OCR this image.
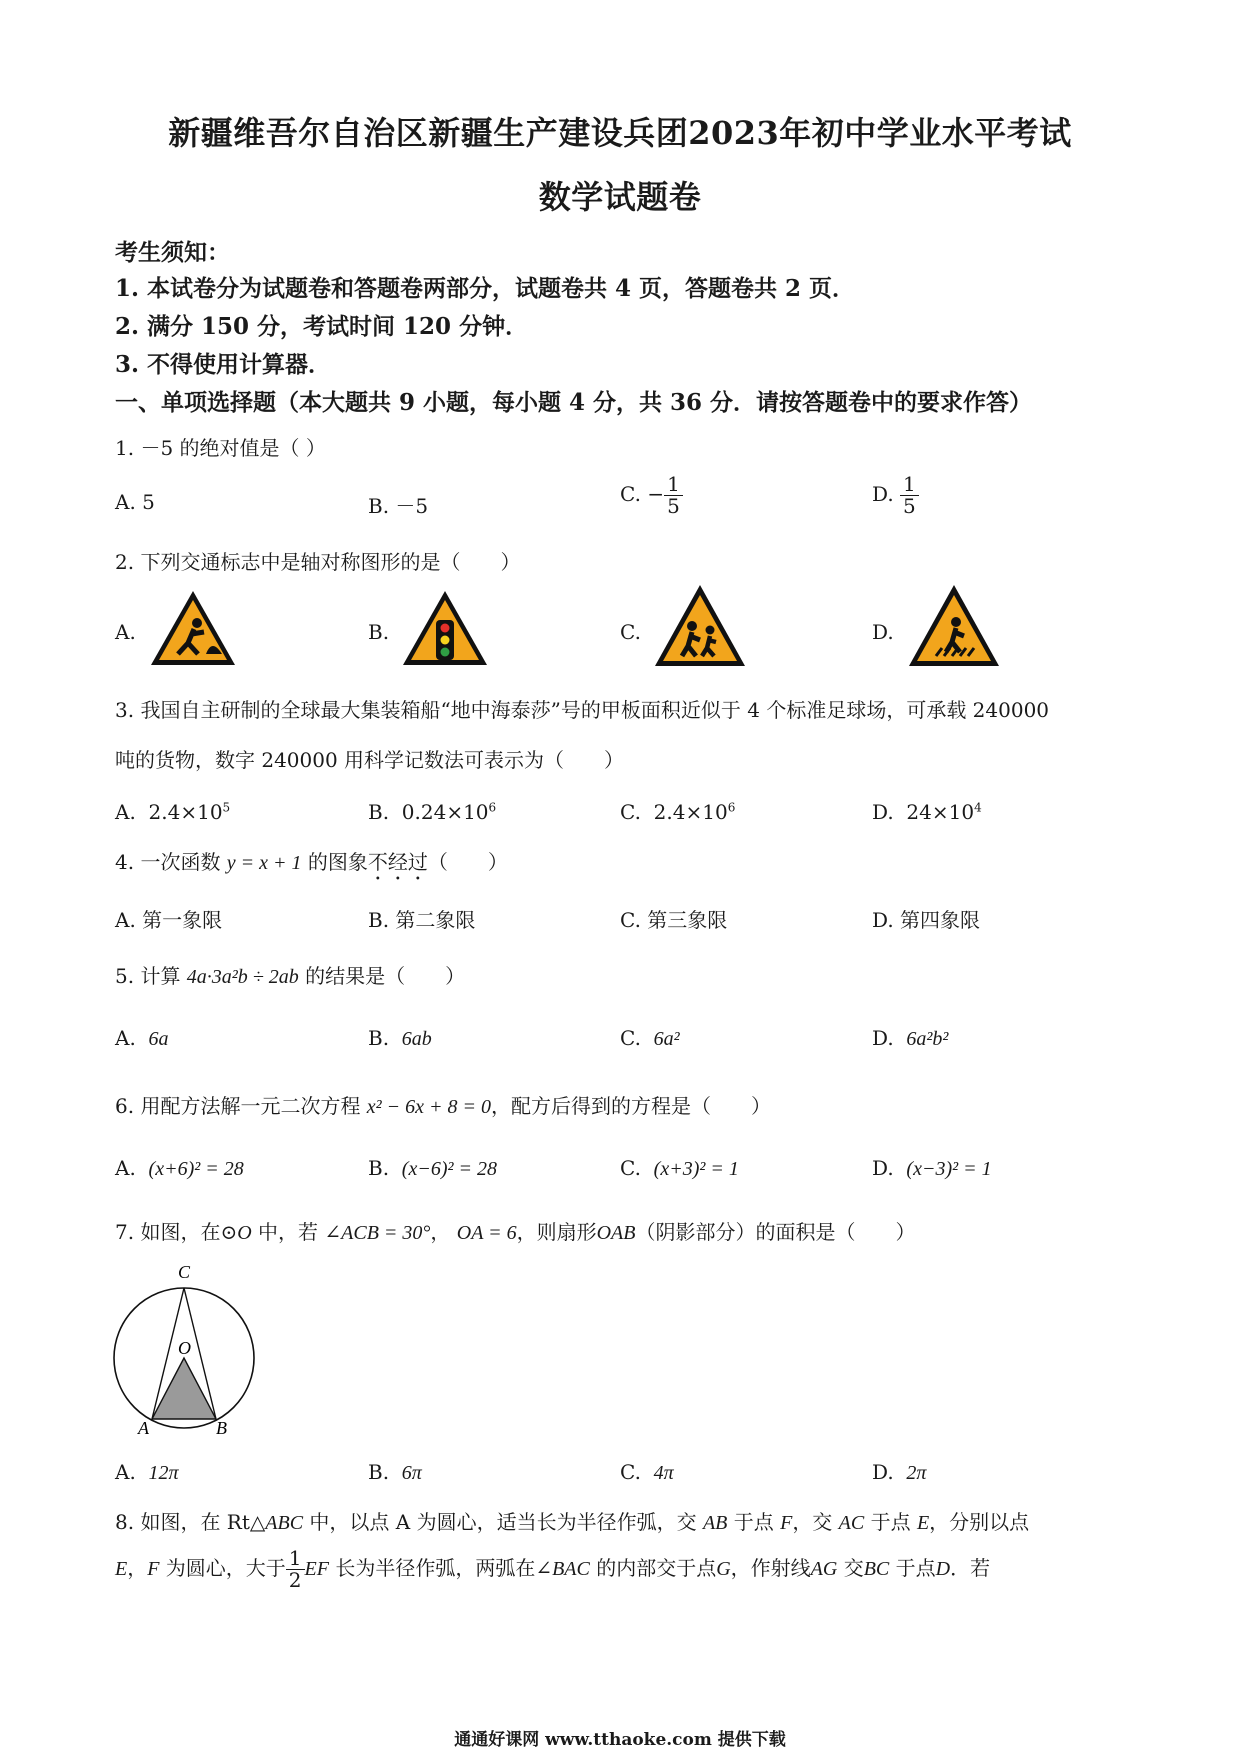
新疆维吾尔自治区新疆生产建设兵团2023年初中学业水平考试
数学试题卷
考生须知：
1. 本试卷分为试题卷和答题卷两部分，试题卷共 4 页，答题卷共 2 页．
2. 满分 150 分，考试时间 120 分钟．
3. 不得使用计算器．
一、单项选择题（本大题共 9 小题，每小题 4 分，共 36 分．请按答题卷中的要求作答）
1. －5 的绝对值是（ ）
A. 5	B. －5	C. − $\frac{1}{5}$	D. $\frac{1}{5}$
2. 下列交通标志中是轴对称图形的是（　　）
A.	B.	C.	D.
3. 我国自主研制的全球最大集装箱船“地中海泰莎”号的甲板面积近似于 4 个标准足球场，可承载 240000
吨的货物，数字 240000 用科学记数法可表示为（　　）
A. $2.4\times 10^5$	B. $0.24\times 10^6$	C. $2.4\times 10^6$	D. $24\times 10^4$
4. 一次函数 y = x + 1 的图象不经过（　　）
A. 第一象限	B. 第二象限	C. 第三象限	D. 第四象限
5. 计算 4a·3a²b ÷ 2ab 的结果是（　　）
A. 6a	B. 6ab	C. 6a²	D. 6a²b²
6. 用配方法解一元二次方程 x² − 6x + 8 = 0，配方后得到的方程是（　　）
A. (x+6)² = 28	B. (x−6)² = 28	C. (x+3)² = 1	D. (x−3)² = 1
7. 如图，在⊙O 中，若 ∠ACB = 30°， OA = 6，则扇形OAB（阴影部分）的面积是（　　）
C
O
A	B
A. 12π	B. 6π	C. 4π	D. 2π
8. 如图，在 Rt△ABC 中，以点 A 为圆心，适当长为半径作弧，交 AB 于点 F，交 AC 于点 E，分别以点
E，F 为圆心，大于 $\frac{1}{2}$ EF 长为半径作弧，两弧在∠BAC 的内部交于点G，作射线AG 交BC 于点D．若
通通好课网 www.tthaoke.com 提供下载
